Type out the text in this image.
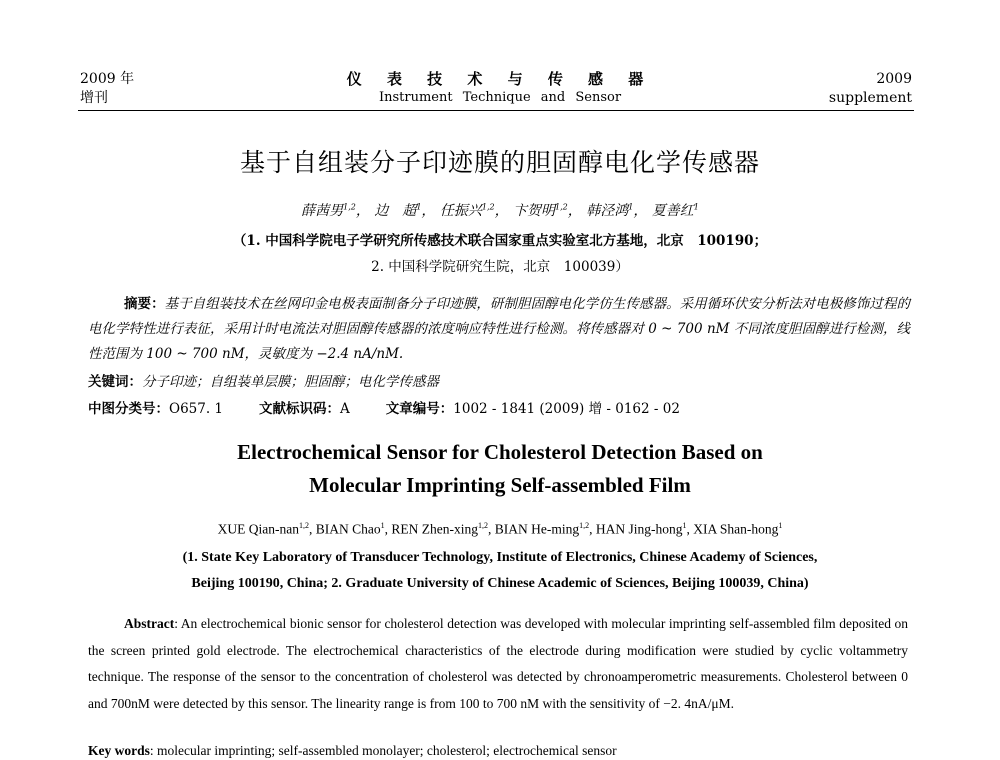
2009 年
增刊
仪 表 技 术 与 传 感 器
Instrument Technique and Sensor
2009
supplement
基于自组装分子印迹膜的胆固醇电化学传感器
薛茜男$^{1,2}$， 边　超$^1$， 任振兴$^{1,2}$， 卞贺明$^{1,2}$， 韩泾鸿$^1$， 夏善红$^1$
（1. 中国科学院电子学研究所传感技术联合国家重点实验室北方基地，北京　100190；
2. 中国科学院研究生院，北京　100039）
摘要：基于自组装技术在丝网印金电极表面制备分子印迹膜，研制胆固醇电化学仿生传感器。采用循环伏安分析法对电极修饰过程的电化学特性进行表征，采用计时电流法对胆固醇传感器的浓度响应特性进行检测。将传感器对 0 ~ 700 nM 不同浓度胆固醇进行检测，线性范围为 100 ~ 700 nM，灵敏度为 −2.4 nA/nM.
关键词：分子印迹；自组装单层膜；胆固醇；电化学传感器
中图分类号：O657. 1	文献标识码：A	文章编号：1002 - 1841 (2009) 增 - 0162 - 02
Electrochemical Sensor for Cholesterol Detection Based on
Molecular Imprinting Self-assembled Film
XUE Qian-nan$^{1,2}$, BIAN Chao$^1$, REN Zhen-xing$^{1,2}$, BIAN He-ming$^{1,2}$, HAN Jing-hong$^1$, XIA Shan-hong$^1$
(1. State Key Laboratory of Transducer Technology, Institute of Electronics, Chinese Academy of Sciences,
Beijing 100190, China; 2. Graduate University of Chinese Academic of Sciences, Beijing 100039, China)
Abstract: An electrochemical bionic sensor for cholesterol detection was developed with molecular imprinting self-assembled film deposited on the screen printed gold electrode. The electrochemical characteristics of the electrode during modification were studied by cyclic voltammetry technique. The response of the sensor to the concentration of cholesterol was detected by chronoamperometric measurements. Cholesterol between 0 and 700nM were detected by this sensor. The linearity range is from 100 to 700 nM with the sensitivity of −2. 4nA/μM.
Key words: molecular imprinting; self-assembled monolayer; cholesterol; electrochemical sensor
